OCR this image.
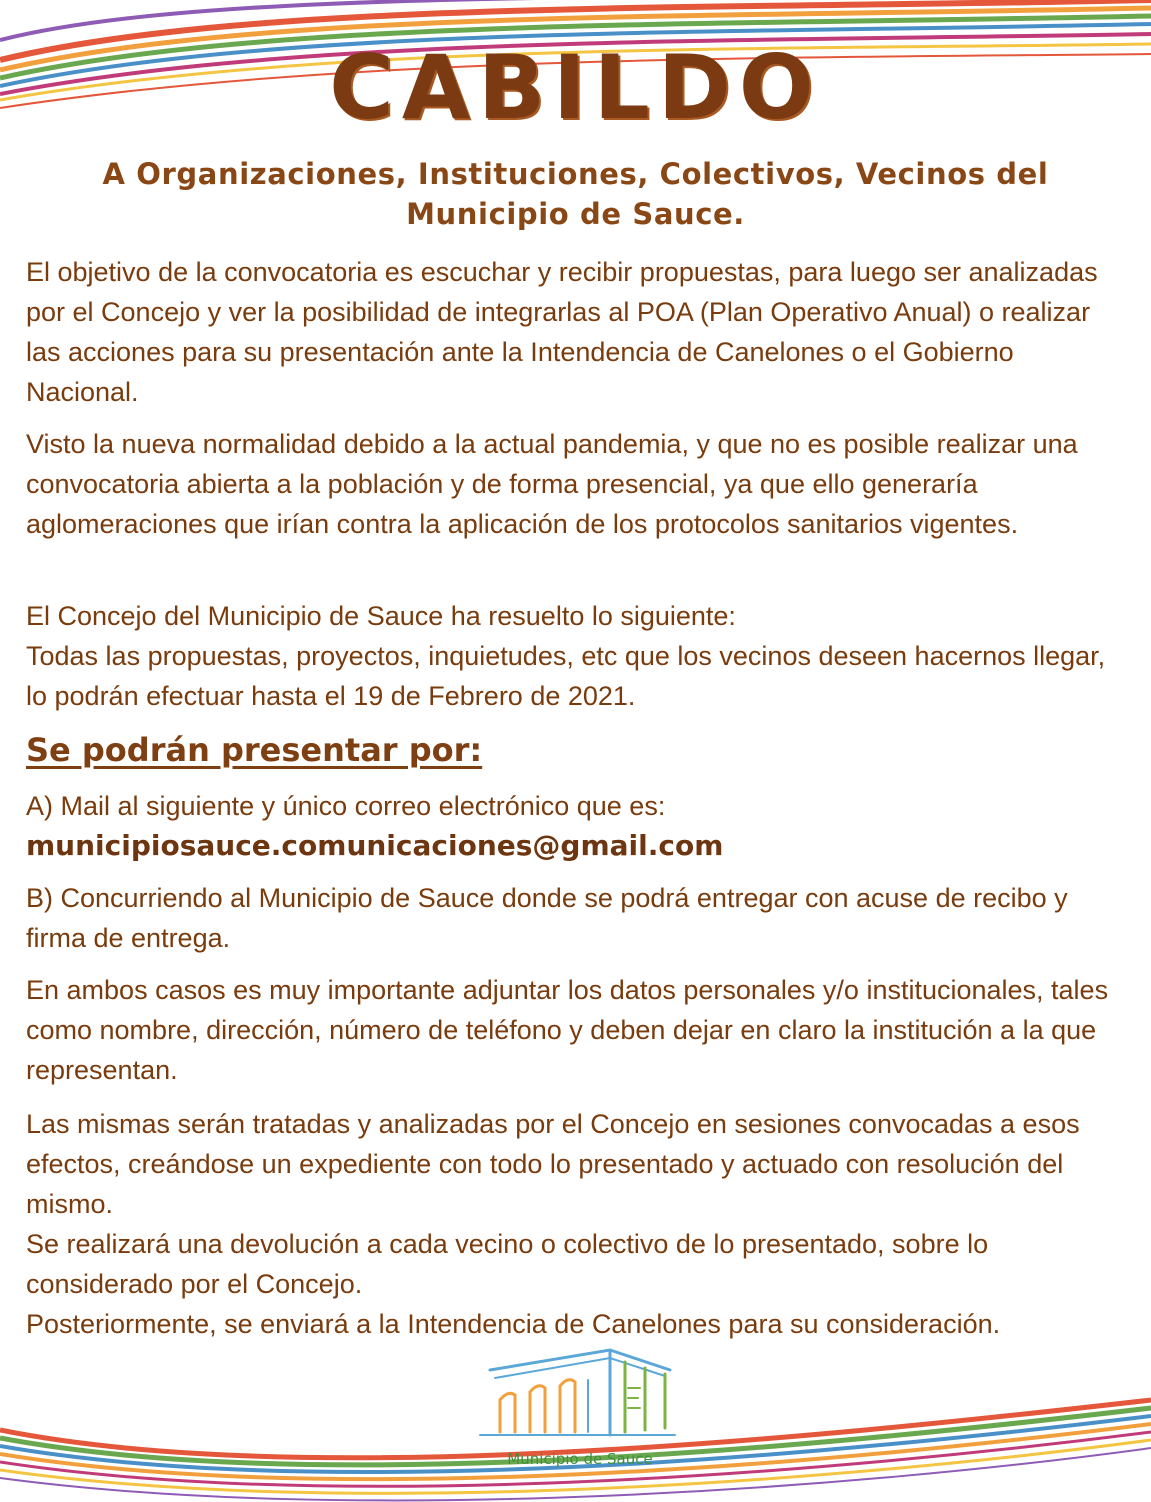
CABILDO
A Organizaciones, Instituciones, Colectivos, Vecinos del Municipio de Sauce.

El objetivo de la convocatoria es escuchar y recibir propuestas, para luego ser analizadas por el Concejo y ver la posibilidad de integrarlas al POA (Plan Operativo Anual) o realizar las acciones para su presentación ante la Intendencia de Canelones o el Gobierno Nacional.

Visto la nueva normalidad debido a la actual pandemia, y que no es posible realizar una convocatoria abierta a la población y de forma presencial, ya que ello generaría aglomeraciones que irían contra la aplicación de los protocolos sanitarios vigentes.

El Concejo del Municipio de Sauce ha resuelto lo siguiente:

Todas las propuestas, proyectos, inquietudes, etc que los vecinos deseen hacernos llegar, lo podrán efectuar hasta el 19 de Febrero de 2021.

Se podrán presentar por:

A) Mail al siguiente y único correo electrónico que es:

municipiosauce.comunicaciones@gmail.com

B) Concurriendo al Municipio de Sauce donde se podrá entregar con acuse de recibo y firma de entrega.

En ambos casos es muy importante adjuntar los datos personales y/o institucionales, tales como nombre, dirección, número de teléfono y deben dejar en claro la institución a la que representan.

Las mismas serán tratadas y analizadas por el Concejo en sesiones convocadas a esos efectos, creándose un expediente con todo lo presentado y actuado con resolución del mismo.

Se realizará una devolución a cada vecino o colectivo de lo presentado, sobre lo considerado por el Concejo.

Posteriormente, se enviará a la Intendencia de Canelones para su consideración.

Municipio de Sauce
